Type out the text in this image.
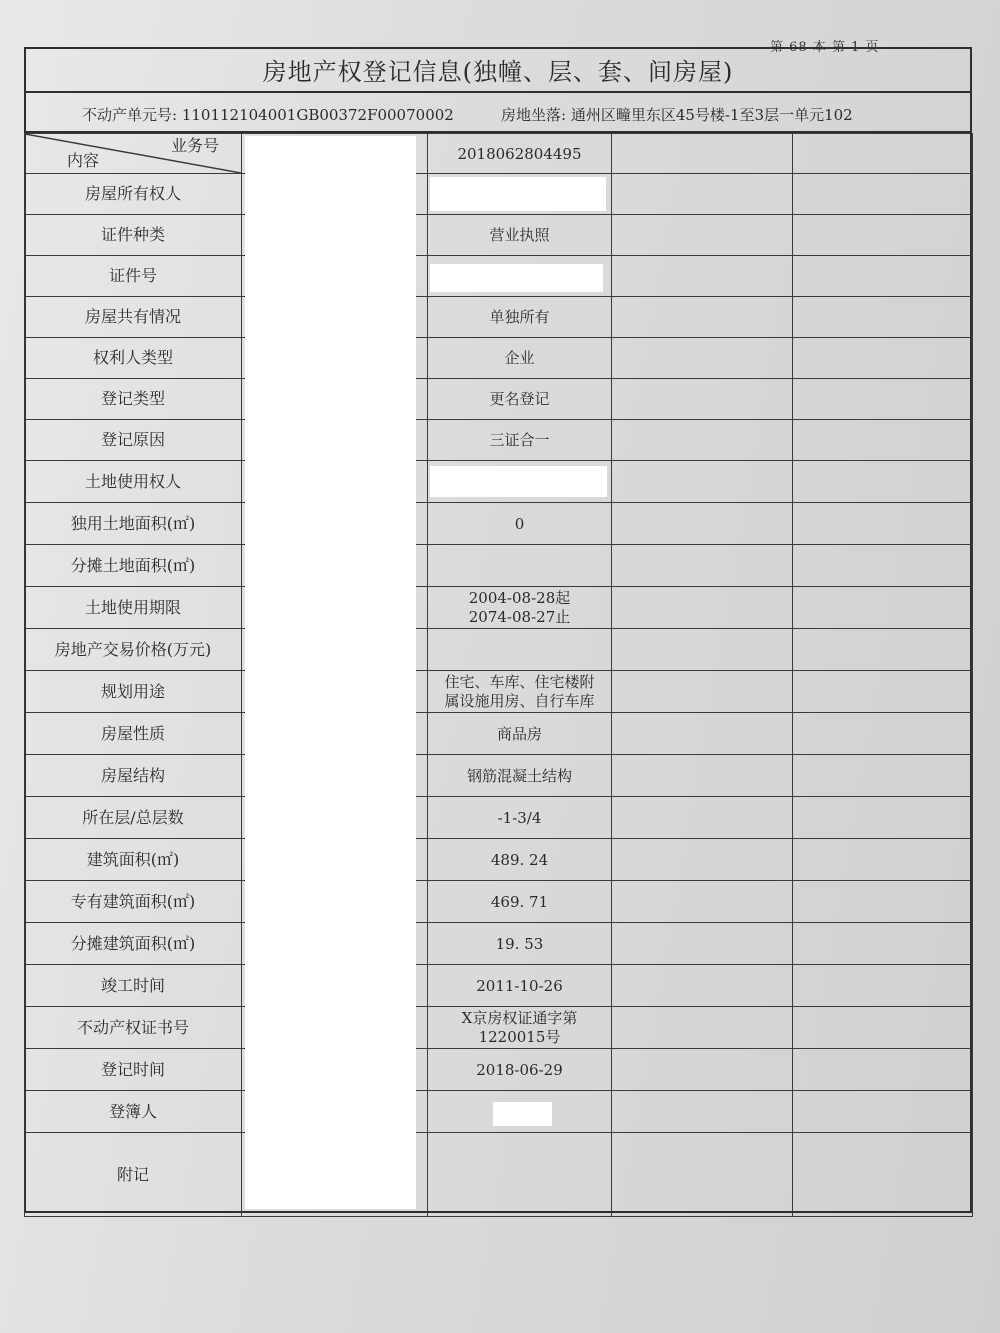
第 68 本 第 1 页
房地产权登记信息(独幢、层、套、间房屋)
不动产单元号: 110112104001GB00372F00070002	房地坐落: 通州区疃里东区45号楼-1至3层一单元102
业务号
内容		2018062804495		
房屋所有权人				
证件种类		营业执照		
证件号				
房屋共有情况		单独所有		
权利人类型		企业		
登记类型		更名登记		
登记原因		三证合一		
土地使用权人				
独用土地面积(㎡)		0		
分摊土地面积(㎡)				
土地使用期限		2004-08-28起
2074-08-27止		

房地产交易价格(万元)				
规划用途		住宅、车库、住宅楼附
属设施用房、自行车库		

房屋性质		商品房		
房屋结构		钢筋混凝土结构		
所在层/总层数		-1-3/4		
建筑面积(㎡)		489. 24		
专有建筑面积(㎡)		469. 71		
分摊建筑面积(㎡)		19. 53		
竣工时间		2011-10-26		
不动产权证书号		X京房权证通字第
1220015号		

登记时间		2018-06-29		
登簿人				
附记				
